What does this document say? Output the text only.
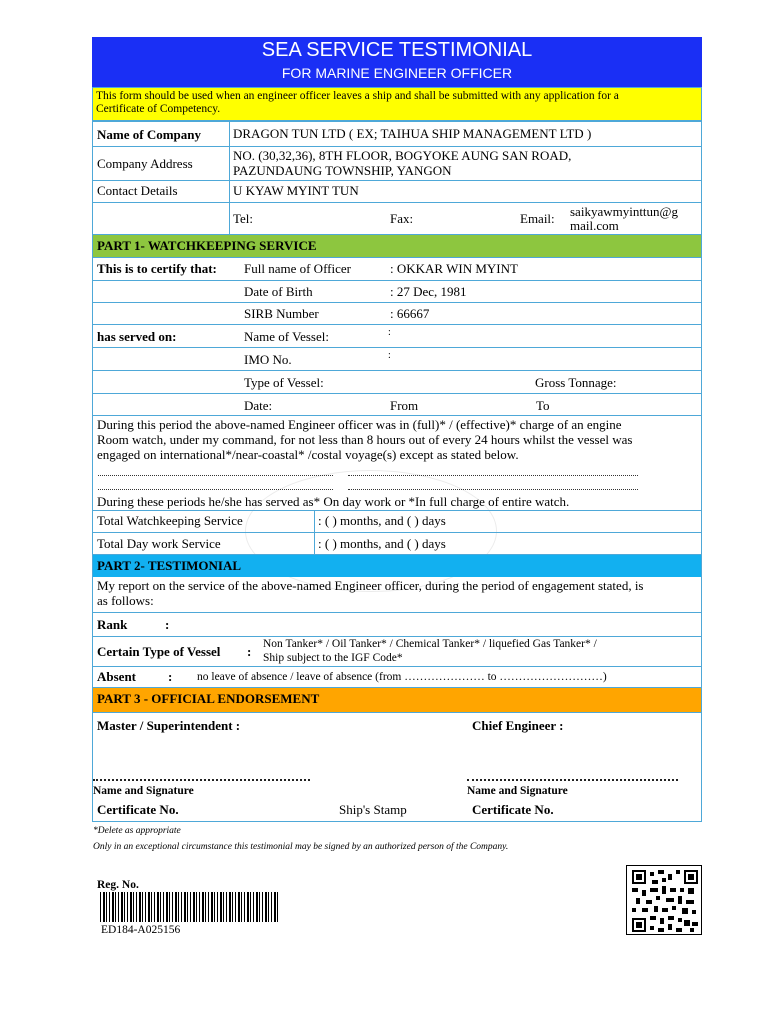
SEA SERVICE TESTIMONIAL
FOR MARINE ENGINEER OFFICER
This form should be used when an engineer officer leaves a ship and shall be submitted with any application for a
Certificate of Competency.
Name of Company DRAGON TUN LTD ( EX; TAIHUA SHIP MANAGEMENT LTD )
Company Address
NO. (30,32,36), 8TH FLOOR, BOGYOKE AUNG SAN ROAD,
PAZUNDAUNG TOWNSHIP, YANGON
Contact Details	U KYAW MYINT TUN
Tel:	Fax:	Email: saikyawmyinttun@g
mail.com
PART 1- WATCHKEEPING SERVICE
This is to certify that: Full name of Officer	: OKKAR WIN MYINT
Date of Birth	: 27 Dec, 1981
SIRB Number	: 66667
has served on:	Name of Vessel:	:
IMO No.	:
Type of Vessel:	Gross Tonnage:
Date:	From	To
During this period the above-named Engineer officer was in (full)* / (effective)* charge of an engine
Room watch, under my command, for not less than 8 hours out of every 24 hours whilst the vessel was
engaged on international*/near-coastal* /costal voyage(s) except as stated below.
During these periods he/she has served as* On day work or *In full charge of entire watch.
Total Watchkeeping Service	: ( ) months, and ( ) days
Total Day work Service	: ( ) months, and ( ) days
PART 2- TESTIMONIAL
My report on the service of the above-named Engineer officer, during the period of engagement stated, is
as follows:
Rank	:
Certain Type of Vessel : Non Tanker* / Oil Tanker* / Chemical Tanker* / liquefied Gas Tanker* /
Ship subject to the IGF Code*
Absent : no leave of absence / leave of absence (from ………………… to ………………………)
PART 3 - OFFICIAL ENDORSEMENT
Master / Superintendent :	Chief Engineer :
Name and Signature	Name and Signature
Certificate No.	Ship's Stamp	Certificate No.
*Delete as appropriate
Only in an exceptional circumstance this testimonial may be signed by an authorized person of the Company.
Reg. No.
ED184-A025156
